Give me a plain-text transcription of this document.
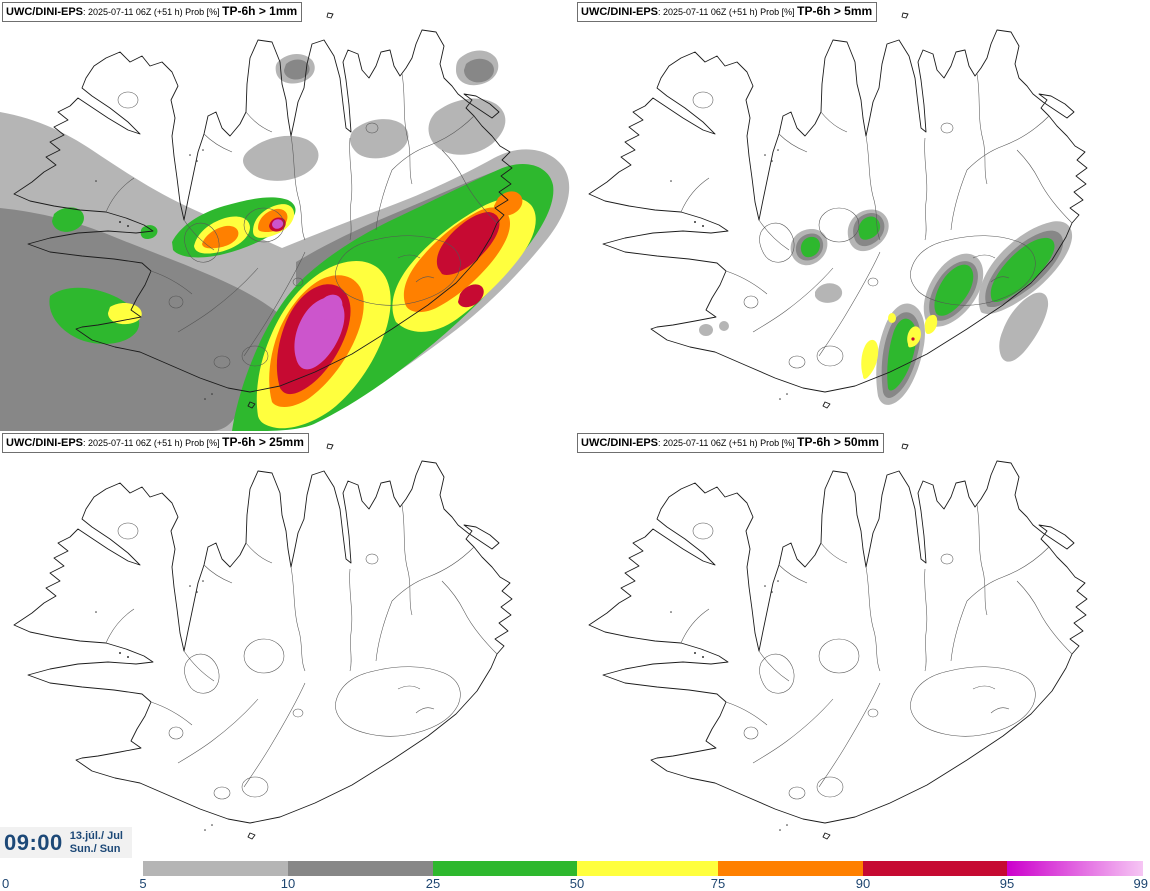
UWC/DINI-EPS: 2025-07-11 06Z (+51 h) Prob [%] TP-6h > 1mm	UWC/DINI-EPS: 2025-07-11 06Z (+51 h) Prob [%] TP-6h > 5mm
UWC/DINI-EPS: 2025-07-11 06Z (+51 h) Prob [%] TP-6h > 25mm	UWC/DINI-EPS: 2025-07-11 06Z (+51 h) Prob [%] TP-6h > 50mm
09:00 13.júl./ Jul
Sun./ Sun
0	5	10	25	50	75	90	95	99
